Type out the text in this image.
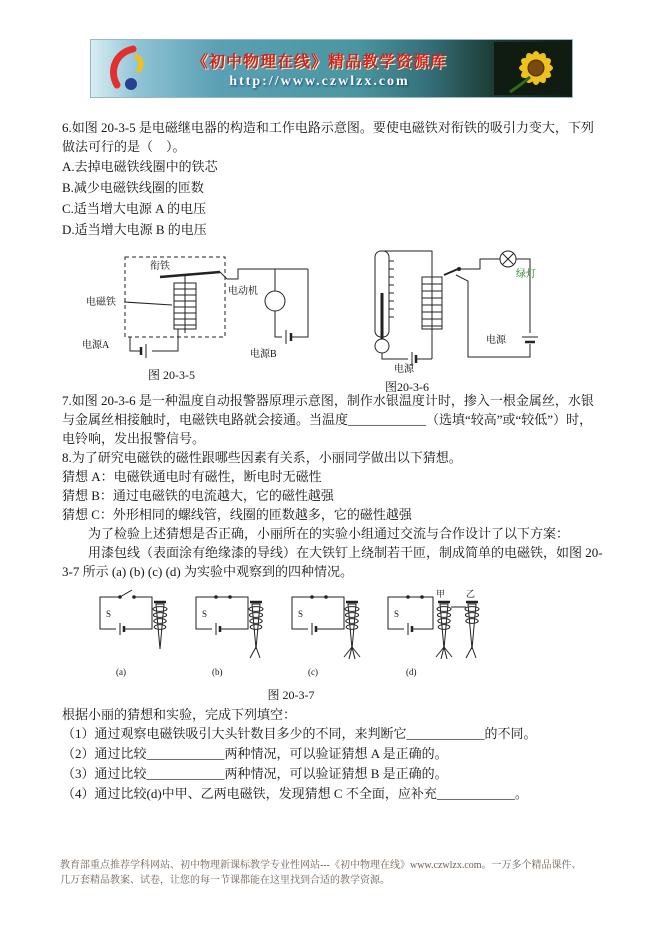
《初中物理在线》精品教学资源库
http://www.czwlzx.com

6.如图 20-3-5 是电磁继电器的构造和工作电路示意图。要使电磁铁对衔铁的吸引力变大，下列做法可行的是（　）。

A.去掉电磁铁线圈中的铁芯

B.减少电磁铁线圈的匝数

C.适当增大电源 A 的电压

D.适当增大电源 B 的电压

衔铁
电磁铁
电动机
电源A
电源B
图 20-3-5
绿灯
电源
电源
图20-3-6

7.如图 20-3-6 是一种温度自动报警器原理示意图，制作水银温度计时，掺入一根金属丝，水银与金属丝相接触时，电磁铁电路就会接通。当温度____________（选填“较高”或“较低”）时，电铃响，发出报警信号。

8.为了研究电磁铁的磁性跟哪些因素有关系，小丽同学做出以下猜想。

猜想 A：电磁铁通电时有磁性，断电时无磁性

猜想 B：通过电磁铁的电流越大，它的磁性越强

猜想 C：外形相同的螺线管，线圈的匝数越多，它的磁性越强

为了检验上述猜想是否正确，小丽所在的实验小组通过交流与合作设计了以下方案：

用漆包线（表面涂有绝缘漆的导线）在大铁钉上绕制若干匝，制成简单的电磁铁，如图 20-3-7 所示 (a) (b) (c) (d) 为实验中观察到的四种情况。

S
(a)
S
(b)
S
(c)
S
甲 乙
(d)
图 20-3-7

根据小丽的猜想和实验，完成下列填空：

（1）通过观察电磁铁吸引大头针数目多少的不同，来判断它____________的不同。

（2）通过比较____________两种情况，可以验证猜想 A 是正确的。

（3）通过比较____________两种情况，可以验证猜想 B 是正确的。

（4）通过比较(d)中甲、乙两电磁铁，发现猜想 C 不全面，应补充____________。

教育部重点推荐学科网站、初中物理新课标教学专业性网站---《初中物理在线》www.czwlzx.com。一万多个精品课件、
几万套精品教案、试卷，让您的每一节课都能在这里找到合适的教学资源。
